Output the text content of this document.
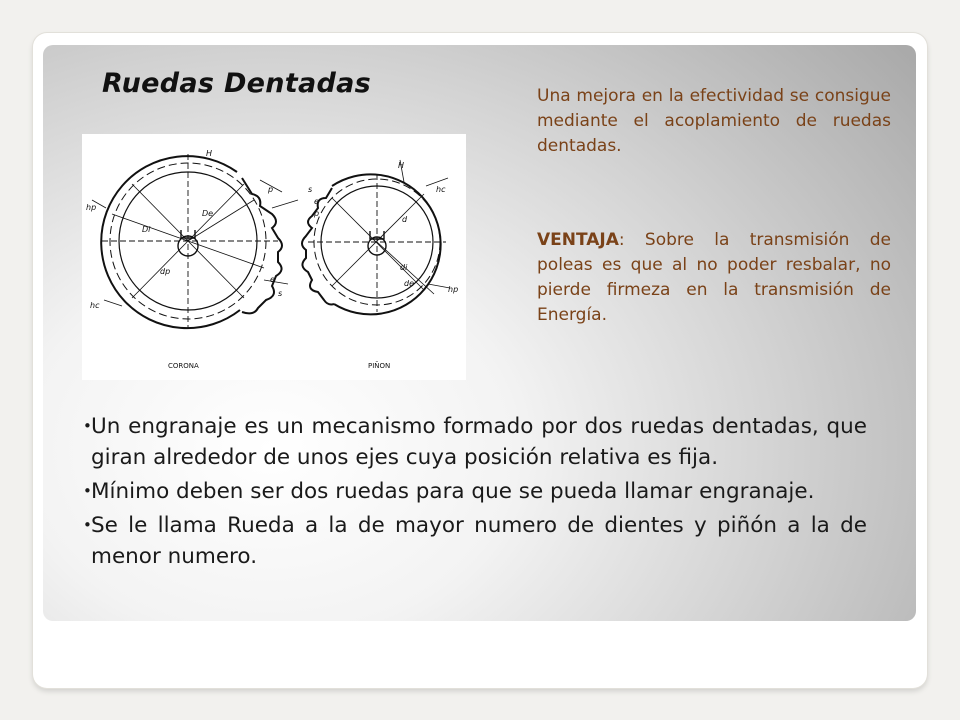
Ruedas Dentadas
H
p
hp
Di
De
dp
e
s
hc
H
s
e
p
hc
d
di
de
hp
CORONA	PIÑON

Una mejora en la efectividad se consigue mediante el acoplamiento de ruedas dentadas.

VENTAJA: Sobre la transmisión de poleas es que al no poder resbalar, no pierde firmeza en la transmisión de Energía.

• Un engranaje es un mecanismo formado por dos ruedas dentadas, que giran alrededor de unos ejes cuya posición relativa es fija.
• Mínimo deben ser dos ruedas para que se pueda llamar engranaje.
• Se le llama Rueda a la de mayor numero de dientes y piñón a la de menor numero.
